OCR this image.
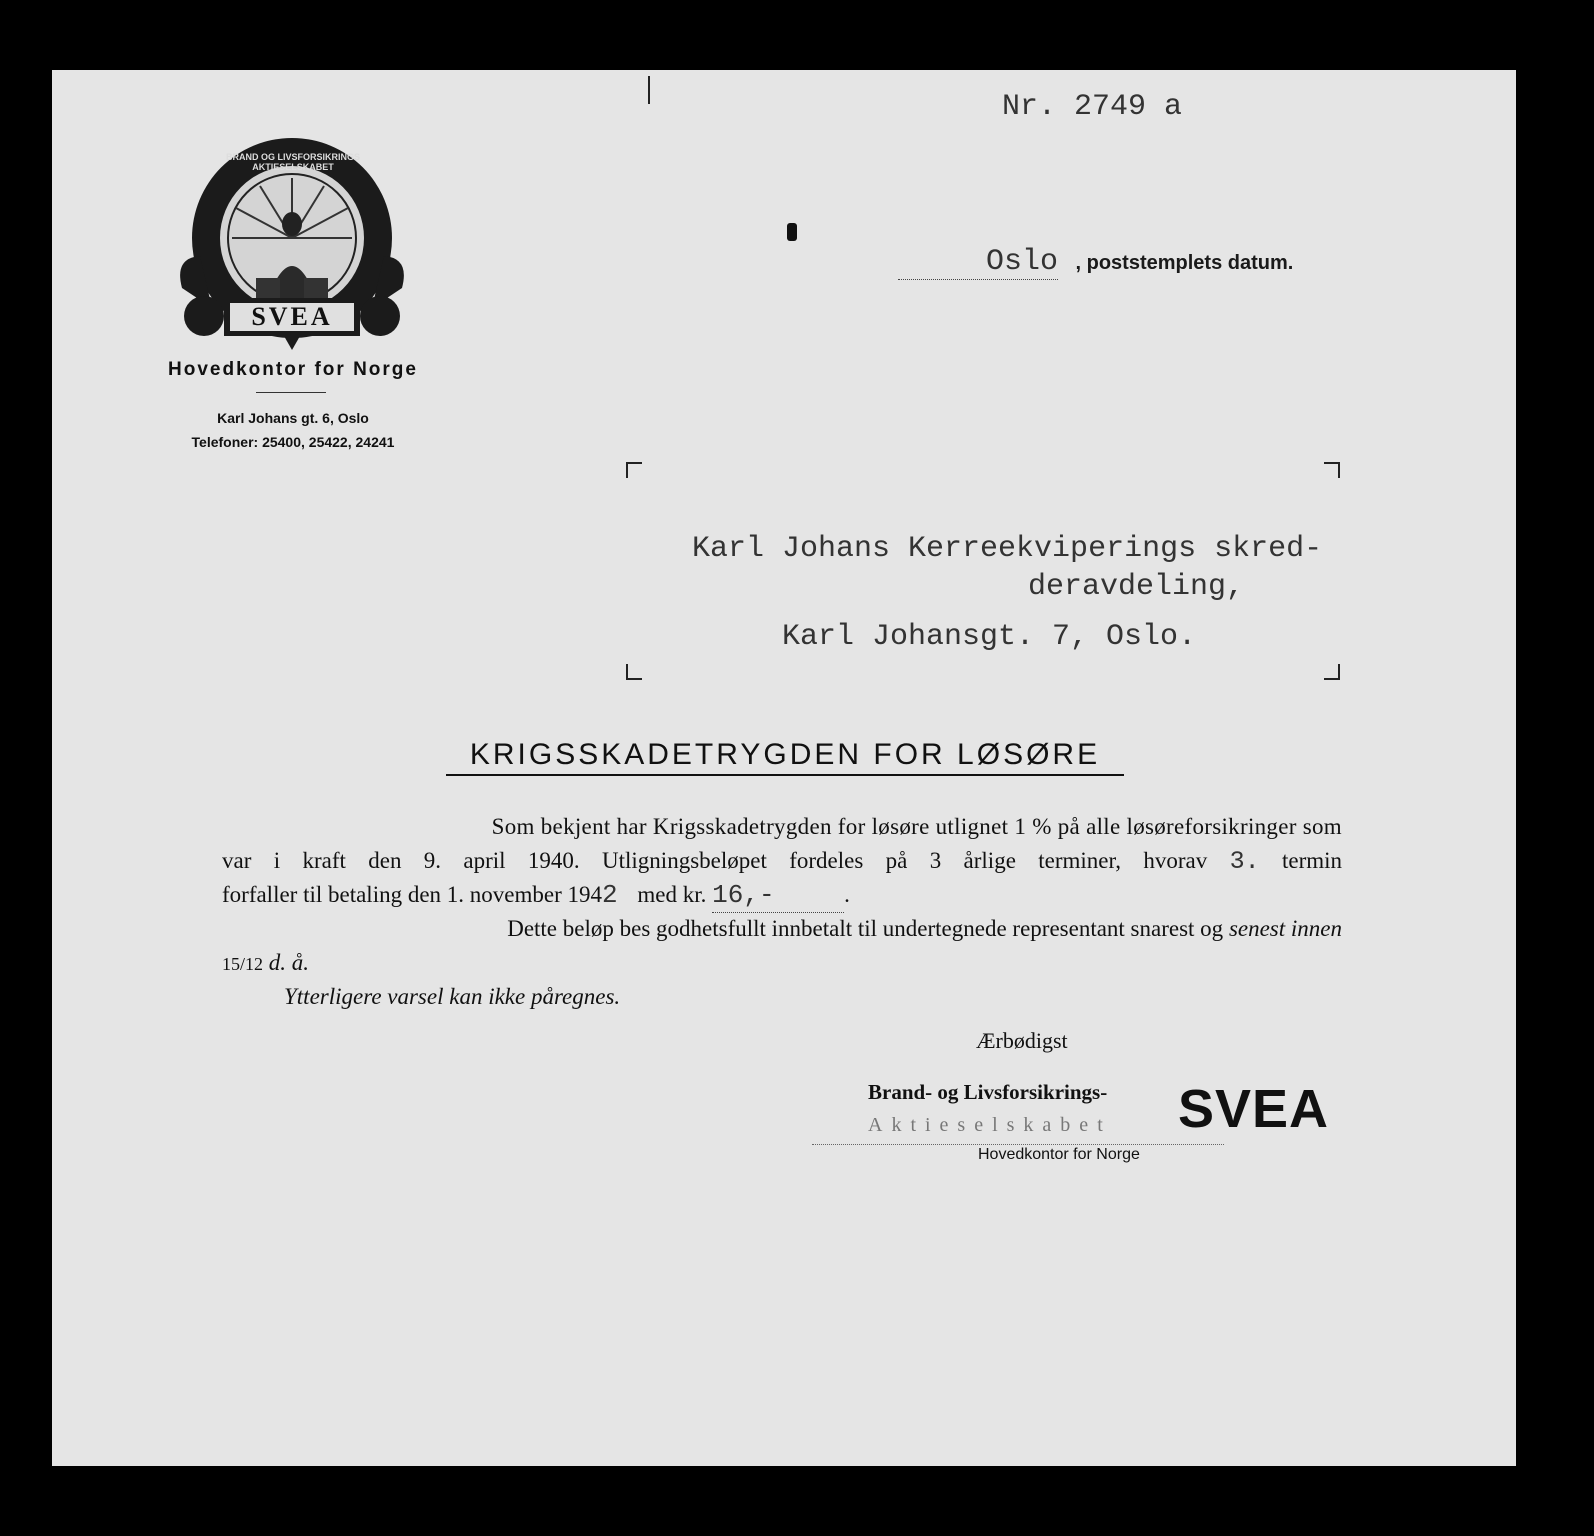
Nr. 2749 a
BRAND OG LIVSFORSIKRINGS AKTIESELSKABET
SVEA
Hovedkontor for Norge
Karl Johans gt. 6, Oslo
Telefoner: 25400, 25422, 24241
Oslo , poststemplets datum.
Karl Johans Kerreekviperings skred-
deravdeling,
Karl Johansgt. 7, Oslo.
KRIGSSKADETRYGDEN FOR LØSØRE
Som bekjent har Krigsskadetrygden for løsøre utlignet 1 % på alle løsøreforsikringer som
var i kraft den 9. april 1940. Utligningsbeløpet fordeles på 3 årlige terminer, hvorav 3. termin
forfaller til betaling den 1. november 1942 med kr. 16,-	.
Dette beløp bes godhetsfullt innbetalt til undertegnede representant snarest og senest innen
15/12 d. å.
Ytterligere varsel kan ikke påregnes.
Ærbødigst
Brand- og Livsforsikrings-
Aktieselskabet SVEA
Hovedkontor for Norge
